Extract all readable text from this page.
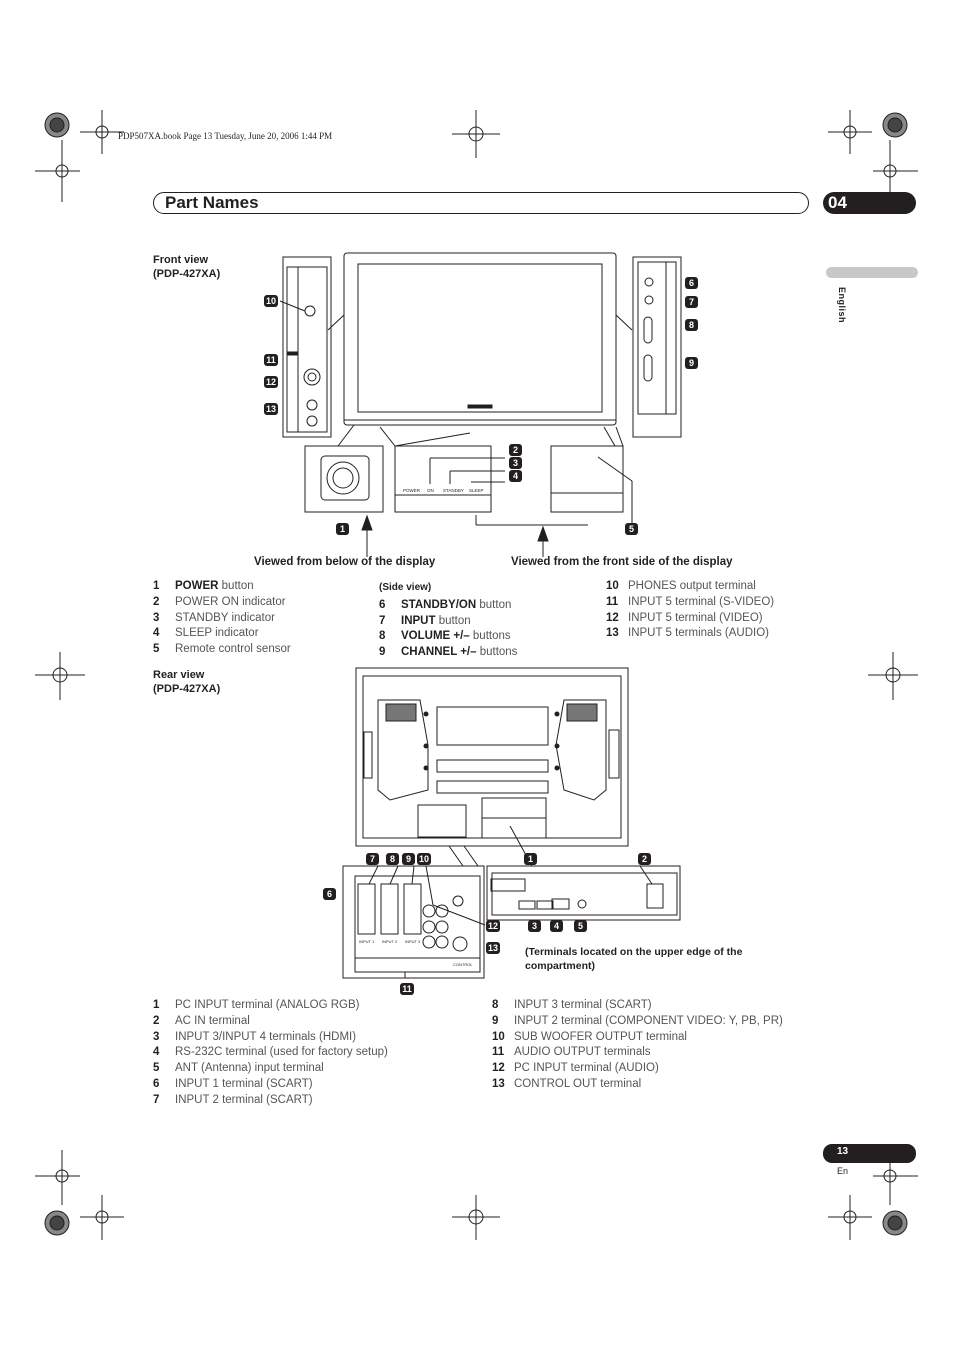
POWER ON STANDBY SLEEP
INPUT 1 INPUT 2 INPUT 3
CONTROL
PDP507XA.book Page 13 Tuesday, June 20, 2006 1:44 PM
Part Names	04
English
Front view
(PDP-427XA)
10
11
12
13
6
7
8
9
2
3
4
1	5
Viewed from below of the display	Viewed from the front side of the display
1 POWER button
2 POWER ON indicator
3 STANDBY indicator
4 SLEEP indicator
5 Remote control sensor
(Side view)
6 STANDBY/ON button
7 INPUT button
8 VOLUME +/– buttons
9 CHANNEL +/– buttons
10 PHONES output terminal
11 INPUT 5 terminal (S-VIDEO)
12 INPUT 5 terminal (VIDEO)
13 INPUT 5 terminals (AUDIO)
Rear view
(PDP-427XA)
7	8	9 10
6
12
13
11
1	2
3	4	5
(Terminals located on the upper edge of the
compartment)
1 PC INPUT terminal (ANALOG RGB)
2 AC IN terminal
3 INPUT 3/INPUT 4 terminals (HDMI)
4 RS-232C terminal (used for factory setup)
5 ANT (Antenna) input terminal
6 INPUT 1 terminal (SCART)
7 INPUT 2 terminal (SCART)
8 INPUT 3 terminal (SCART)
9 INPUT 2 terminal (COMPONENT VIDEO: Y, PB, PR)
10 SUB WOOFER OUTPUT terminal
11 AUDIO OUTPUT terminals
12 PC INPUT terminal (AUDIO)
13 CONTROL OUT terminal
13
En
